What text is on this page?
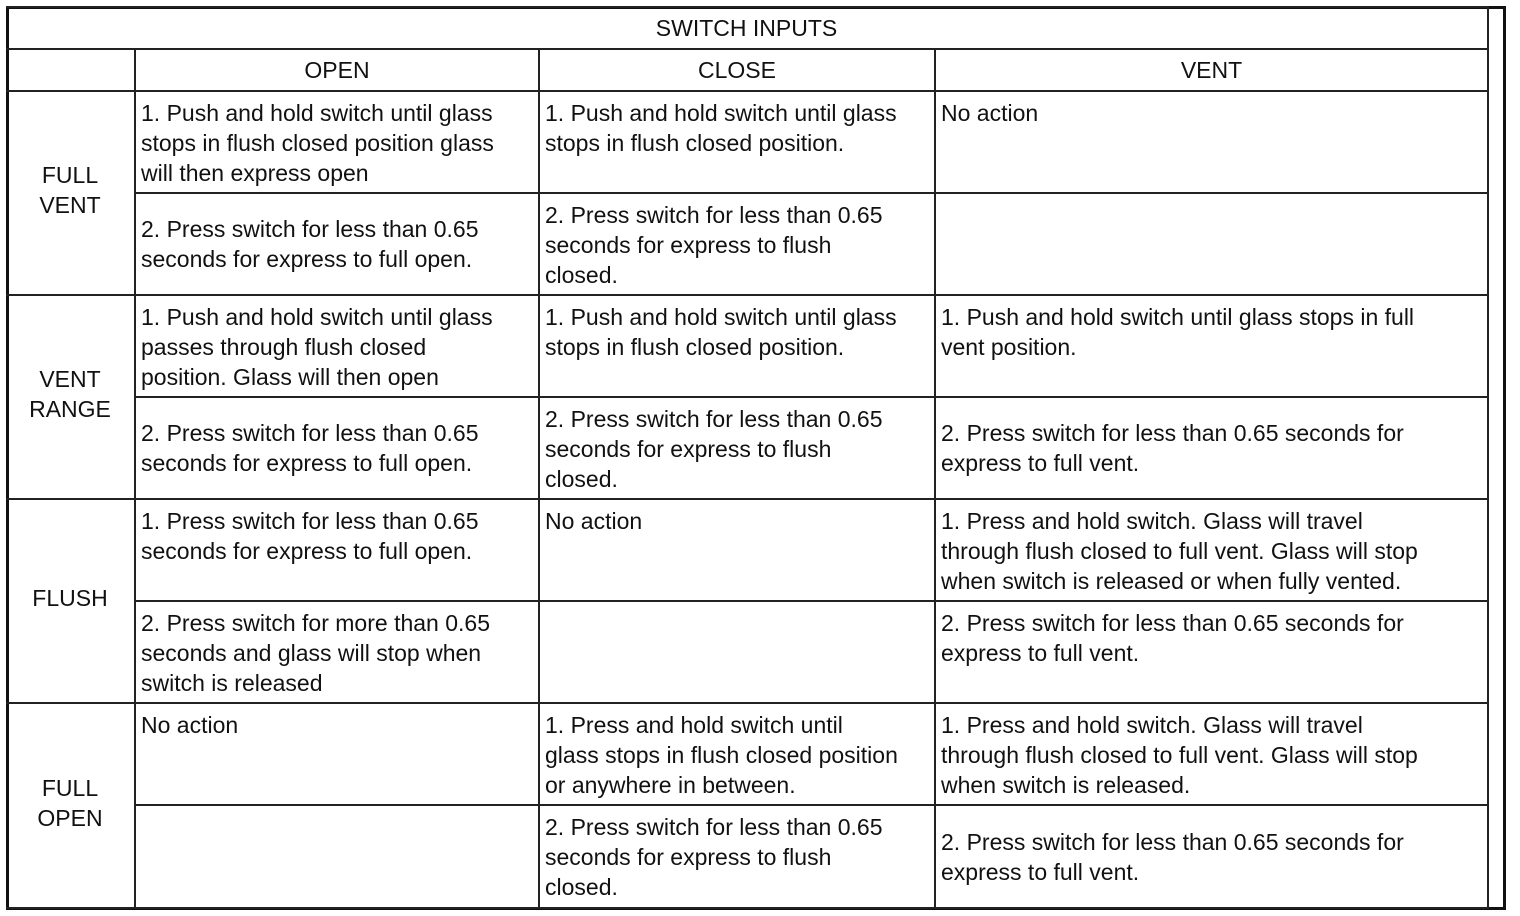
SWITCH INPUTS			
	OPEN	CLOSE	VENT

FULL
VENT	1. Push and hold switch until glass
stops in flush closed position glass
will then express open	1. Push and hold switch until glass
stops in flush closed position.	No action

	2. Press switch for less than 0.65
seconds for express to full open.	2. Press switch for less than 0.65
seconds for express to flush
closed.	

VENT
RANGE	1. Push and hold switch until glass
passes through flush closed
position. Glass will then open	1. Push and hold switch until glass
stops in flush closed position.	1. Push and hold switch until glass stops in full
vent position.

	2. Press switch for less than 0.65
seconds for express to full open.	2. Press switch for less than 0.65
seconds for express to flush
closed.	2. Press switch for less than 0.65 seconds for
express to full vent.

FLUSH	1. Press switch for less than 0.65
seconds for express to full open.	No action	1. Press and hold switch. Glass will travel
through flush closed to full vent. Glass will stop
when switch is released or when fully vented.

	2. Press switch for more than 0.65
seconds and glass will stop when
switch is released		2. Press switch for less than 0.65 seconds for
express to full vent.

FULL
OPEN	No action	1. Press and hold switch until
glass stops in flush closed position
or anywhere in between.	1. Press and hold switch. Glass will travel
through flush closed to full vent. Glass will stop
when switch is released.

		2. Press switch for less than 0.65
seconds for express to flush
closed.	2. Press switch for less than 0.65 seconds for
express to full vent.
